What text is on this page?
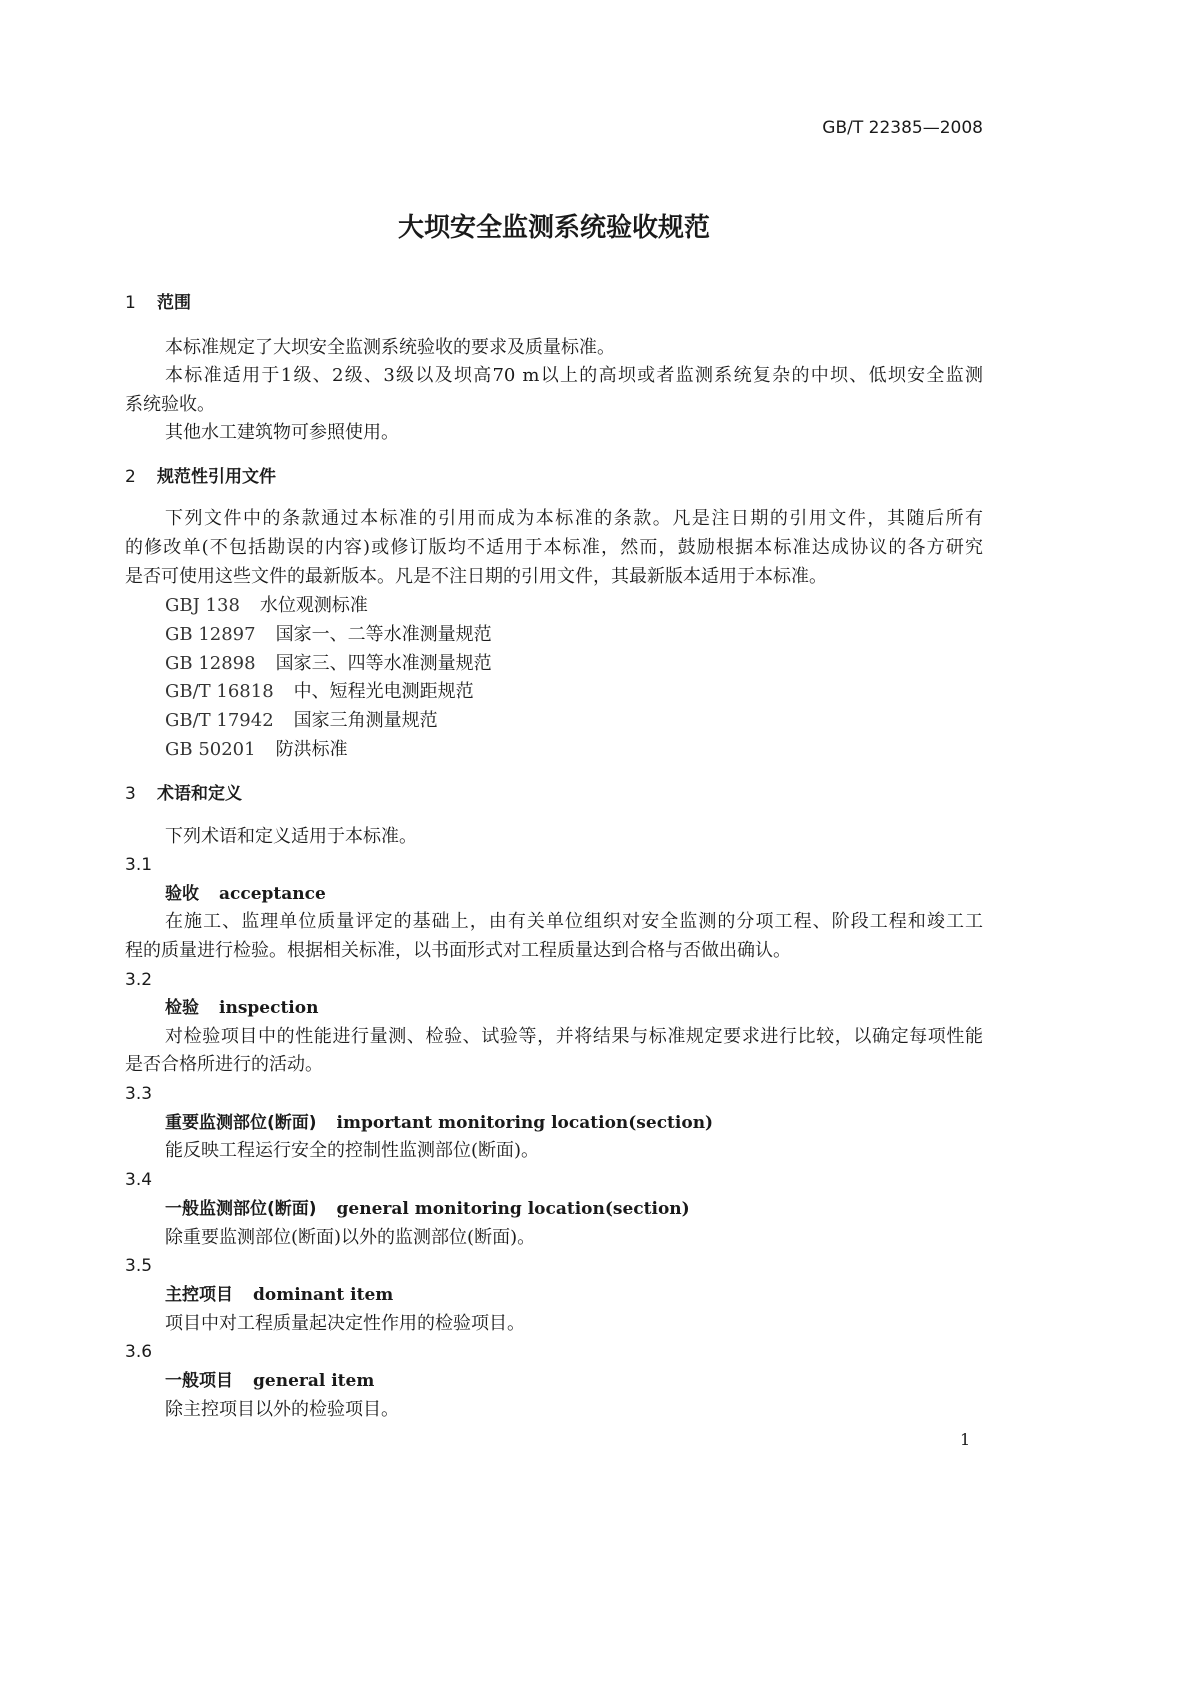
GB/T 22385—2008
大坝安全监测系统验收规范
1 范围
本标准规定了大坝安全监测系统验收的要求及质量标准。
本标准适用于1级、2级、3级以及坝高70 m以上的高坝或者监测系统复杂的中坝、低坝安全监测
系统验收。
其他水工建筑物可参照使用。
2 规范性引用文件
下列文件中的条款通过本标准的引用而成为本标准的条款。凡是注日期的引用文件，其随后所有
的修改单(不包括勘误的内容)或修订版均不适用于本标准，然而，鼓励根据本标准达成协议的各方研究
是否可使用这些文件的最新版本。凡是不注日期的引用文件，其最新版本适用于本标准。
GBJ 138 水位观测标准
GB 12897 国家一、二等水准测量规范
GB 12898 国家三、四等水准测量规范
GB/T 16818 中、短程光电测距规范
GB/T 17942 国家三角测量规范
GB 50201 防洪标准
3 术语和定义
下列术语和定义适用于本标准。
3.1
验收 acceptance
在施工、监理单位质量评定的基础上，由有关单位组织对安全监测的分项工程、阶段工程和竣工工
程的质量进行检验。根据相关标准，以书面形式对工程质量达到合格与否做出确认。
3.2
检验 inspection
对检验项目中的性能进行量测、检验、试验等，并将结果与标准规定要求进行比较，以确定每项性能
是否合格所进行的活动。
3.3
重要监测部位(断面) important monitoring location(section)
能反映工程运行安全的控制性监测部位(断面)。
3.4
一般监测部位(断面) general monitoring location(section)
除重要监测部位(断面)以外的监测部位(断面)。
3.5
主控项目 dominant item
项目中对工程质量起决定性作用的检验项目。
3.6
一般项目 general item
除主控项目以外的检验项目。
1
